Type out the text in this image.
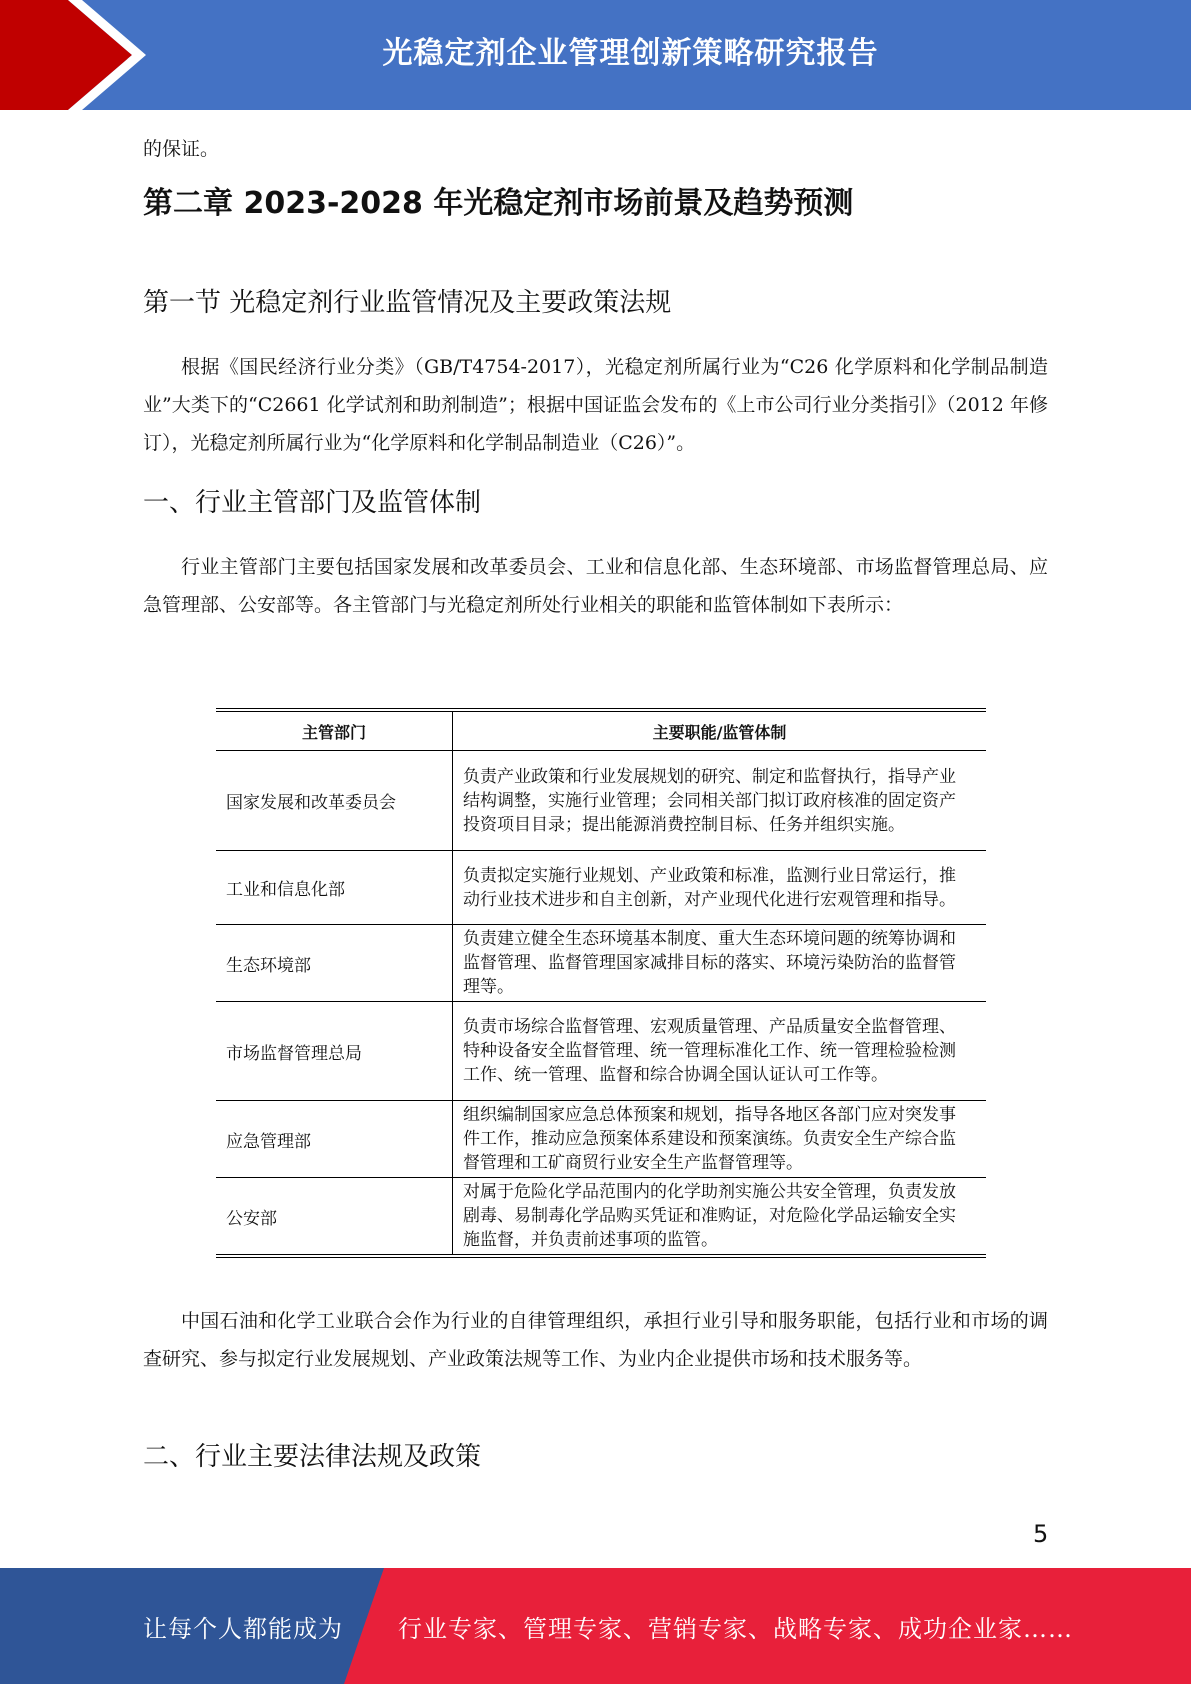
光稳定剂企业管理创新策略研究报告

的保证。

第二章 2023-2028 年光稳定剂市场前景及趋势预测
第一节 光稳定剂行业监管情况及主要政策法规

根据《国民经济行业分类》（GB/T4754-2017），光稳定剂所属行业为“C26 化学原料和化学制品制造业”大类下的“C2661 化学试剂和助剂制造”；根据中国证监会发布的《上市公司行业分类指引》（2012 年修订），光稳定剂所属行业为“化学原料和化学制品制造业（C26）”。

一、行业主管部门及监管体制

行业主管部门主要包括国家发展和改革委员会、工业和信息化部、生态环境部、市场监督管理总局、应急管理部、公安部等。各主管部门与光稳定剂所处行业相关的职能和监管体制如下表所示：

主管部门	主要职能/监管体制
国家发展和改革委员会	负责产业政策和行业发展规划的研究、制定和监督执行，指导产业结构调整，实施行业管理；会同相关部门拟订政府核准的固定资产投资项目目录；提出能源消费控制目标、任务并组织实施。
工业和信息化部	负责拟定实施行业规划、产业政策和标准，监测行业日常运行，推动行业技术进步和自主创新，对产业现代化进行宏观管理和指导。
生态环境部	负责建立健全生态环境基本制度、重大生态环境问题的统筹协调和监督管理、监督管理国家减排目标的落实、环境污染防治的监督管理等。
市场监督管理总局	负责市场综合监督管理、宏观质量管理、产品质量安全监督管理、特种设备安全监督管理、统一管理标准化工作、统一管理检验检测工作、统一管理、监督和综合协调全国认证认可工作等。
应急管理部	组织编制国家应急总体预案和规划，指导各地区各部门应对突发事件工作，推动应急预案体系建设和预案演练。负责安全生产综合监督管理和工矿商贸行业安全生产监督管理等。
公安部	对属于危险化学品范围内的化学助剂实施公共安全管理，负责发放剧毒、易制毒化学品购买凭证和准购证，对危险化学品运输安全实施监督，并负责前述事项的监管。

中国石油和化学工业联合会作为行业的自律管理组织，承担行业引导和服务职能，包括行业和市场的调查研究、参与拟定行业发展规划、产业政策法规等工作、为业内企业提供市场和技术服务等。

二、行业主要法律法规及政策
5
让每个人都能成为 行业专家、管理专家、营销专家、战略专家、成功企业家……
